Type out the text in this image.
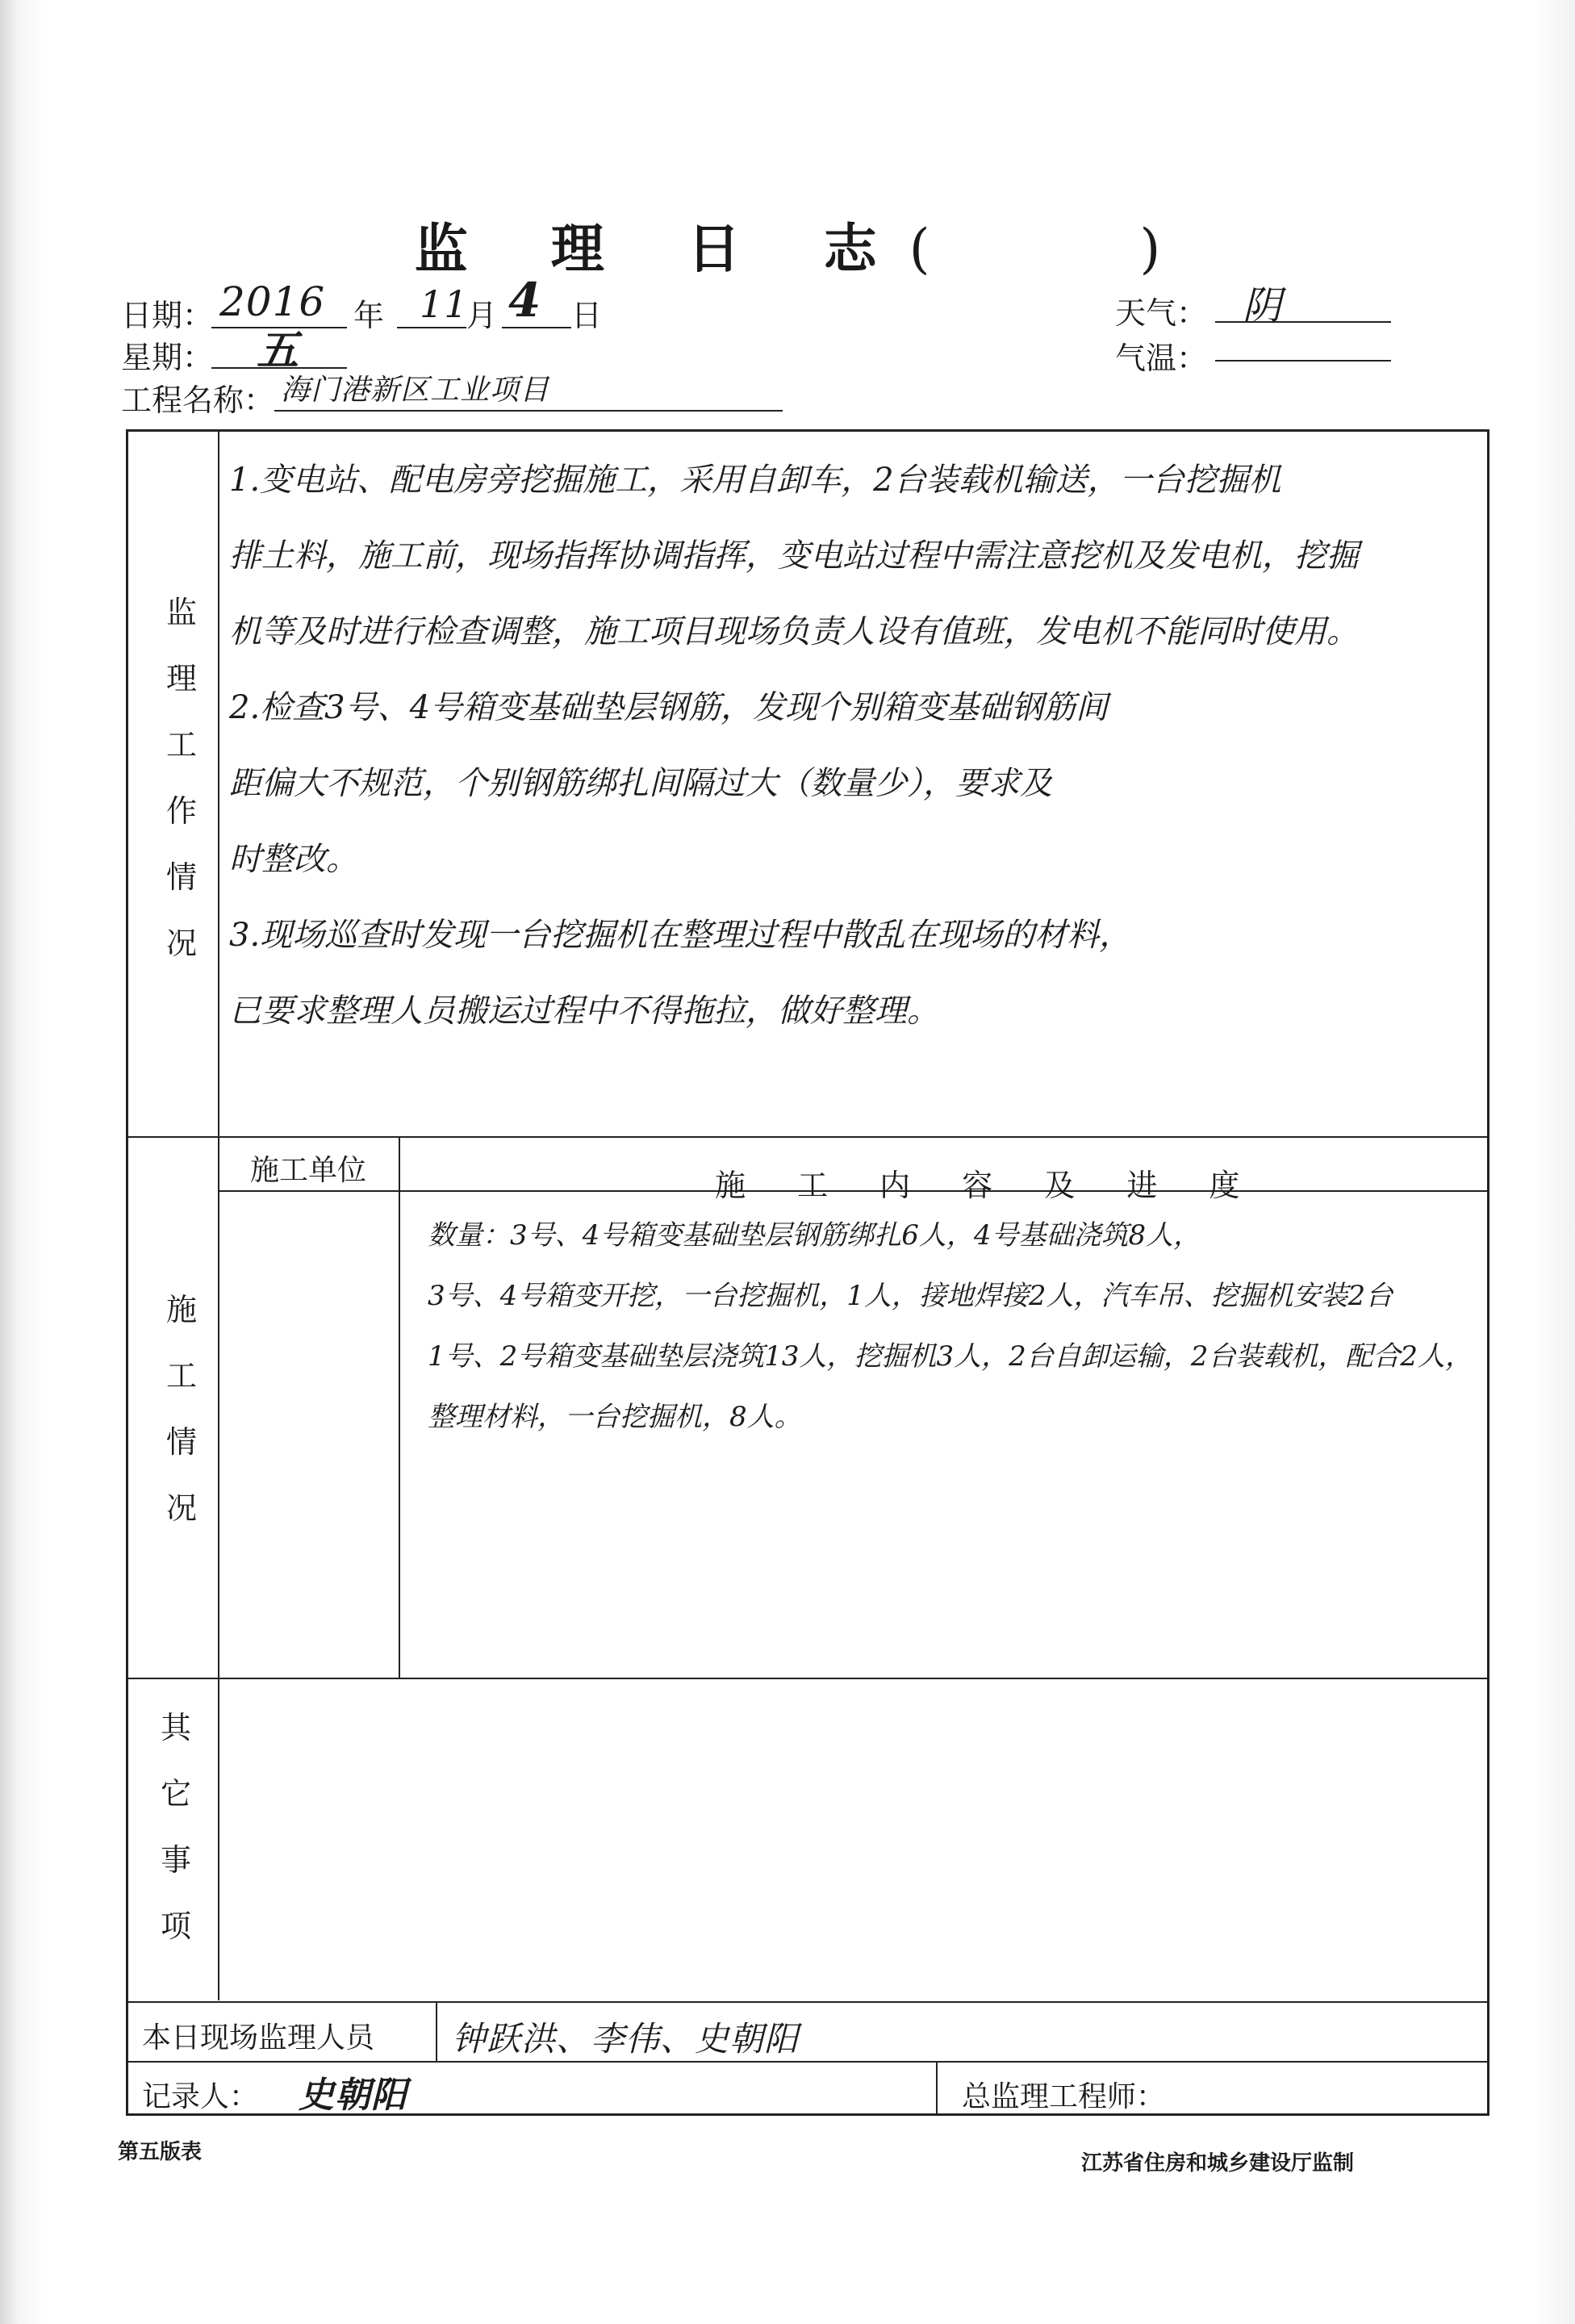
监 理 日 志(	)
日期： 2016 年 11
月 4 日
星期： 五
工程名称： 海门港新区工业项目
天气： 阴
气温：
监
理
工
作
情
况
1.变电站、配电房旁挖掘施工，采用自卸车，2台装载机输送，一台挖掘机
排土料，施工前，现场指挥协调指挥，变电站过程中需注意挖机及发电机，挖掘
机等及时进行检查调整，施工项目现场负责人设有值班，发电机不能同时使用。
2.检查3号、4号箱变基础垫层钢筋，发现个别箱变基础钢筋间
距偏大不规范，个别钢筋绑扎间隔过大（数量少），要求及
时整改。
3.现场巡查时发现一台挖掘机在整理过程中散乱在现场的材料，
已要求整理人员搬运过程中不得拖拉，做好整理。
施
工
情
况
施工单位	施 工 内 容 及 进 度
数量：3号、4号箱变基础垫层钢筋绑扎6人，4号基础浇筑8人，
3号、4号箱变开挖，一台挖掘机，1人，接地焊接2人，汽车吊、挖掘机安装2台
1号、2号箱变基础垫层浇筑13人，挖掘机3人，2台自卸运输，2台装载机，配合2人，
整理材料，一台挖掘机，8人。
其
它
事
项
本日现场监理人员 钟跃洪、李伟、史朝阳
记录人： 史朝阳	总监理工程师：
第五版表	江苏省住房和城乡建设厅监制
